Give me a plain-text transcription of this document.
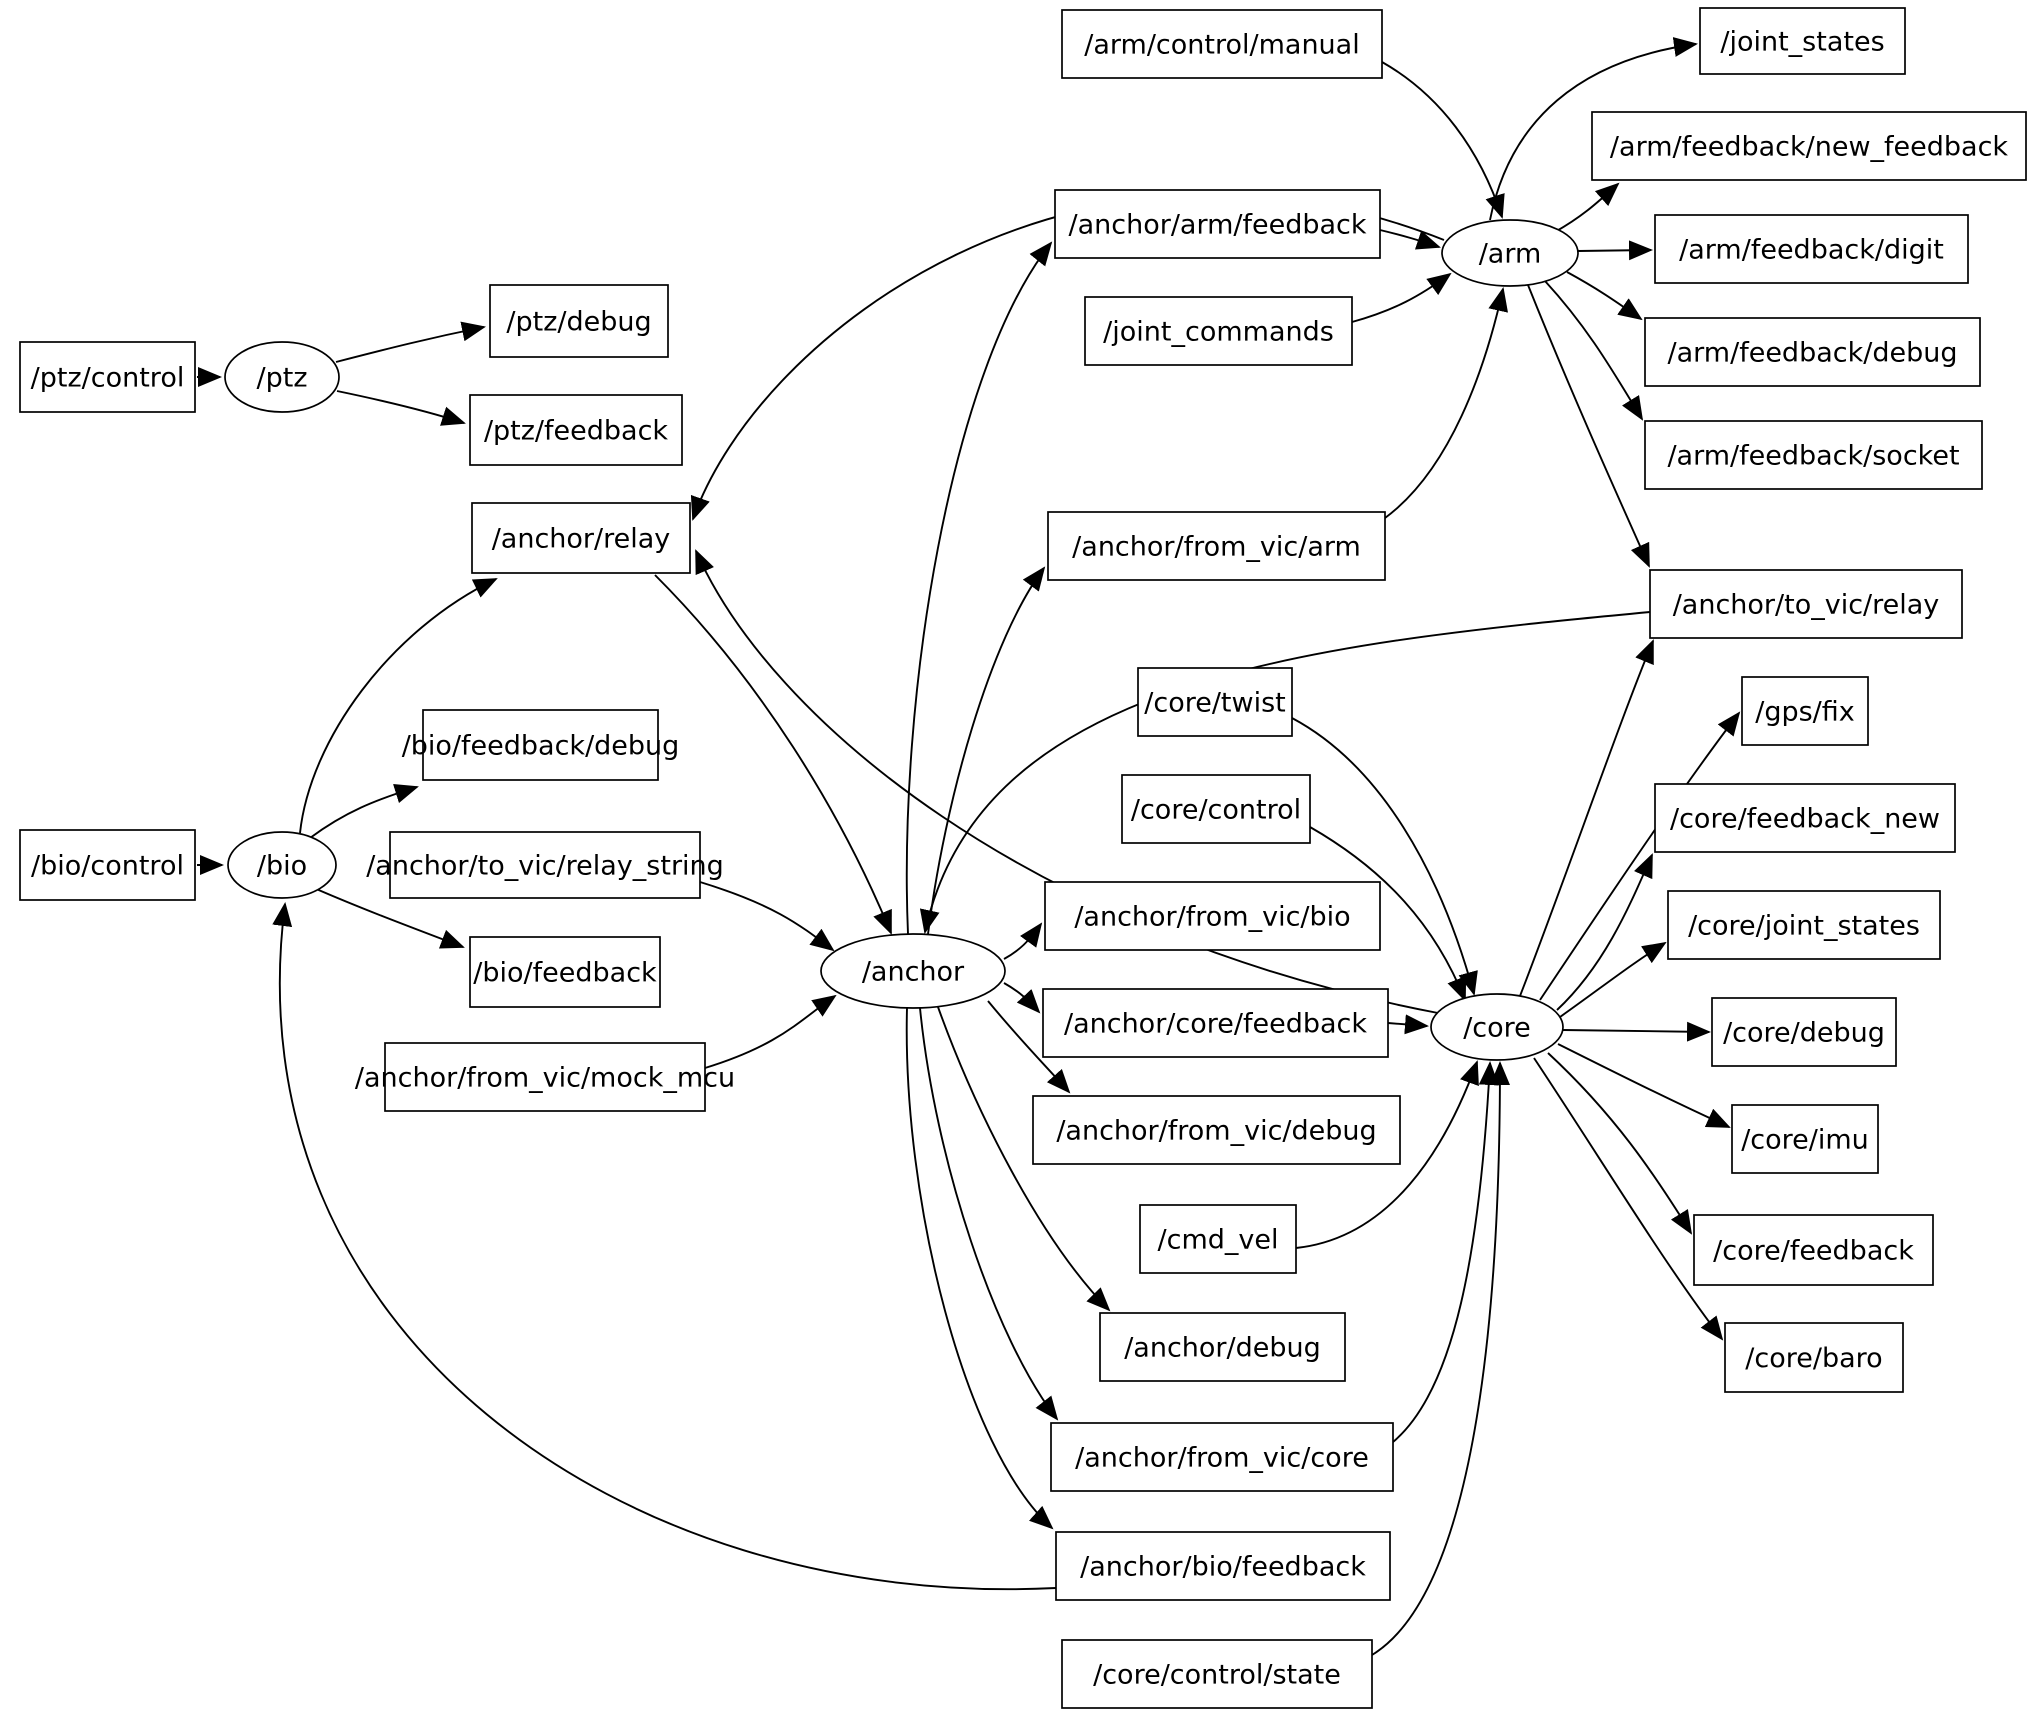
/ptz/control
/ptz/debug
/ptz/feedback
/anchor/relay
/bio/feedback/debug
/bio/control	/anchor/to_vic/relay_string
/bio/feedback
/anchor/from_vic/mock_mcu
/arm/control/manual
/anchor/arm/feedback
/joint_commands
/anchor/from_vic/arm
/core/twist
/core/control
/anchor/from_vic/bio
/anchor/core/feedback
/anchor/from_vic/debug
/cmd_vel
/anchor/debug
/anchor/from_vic/core
/anchor/bio/feedback
/core/control/state
/joint_states
/arm/feedback/new_feedback
/arm/feedback/digit
/arm/feedback/debug
/arm/feedback/socket
/anchor/to_vic/relay
/gps/fix
/core/feedback_new
/core/joint_states
/core/debug
/core/imu
/core/feedback
/core/baro
/ptz
/bio
/anchor
/arm
/core
